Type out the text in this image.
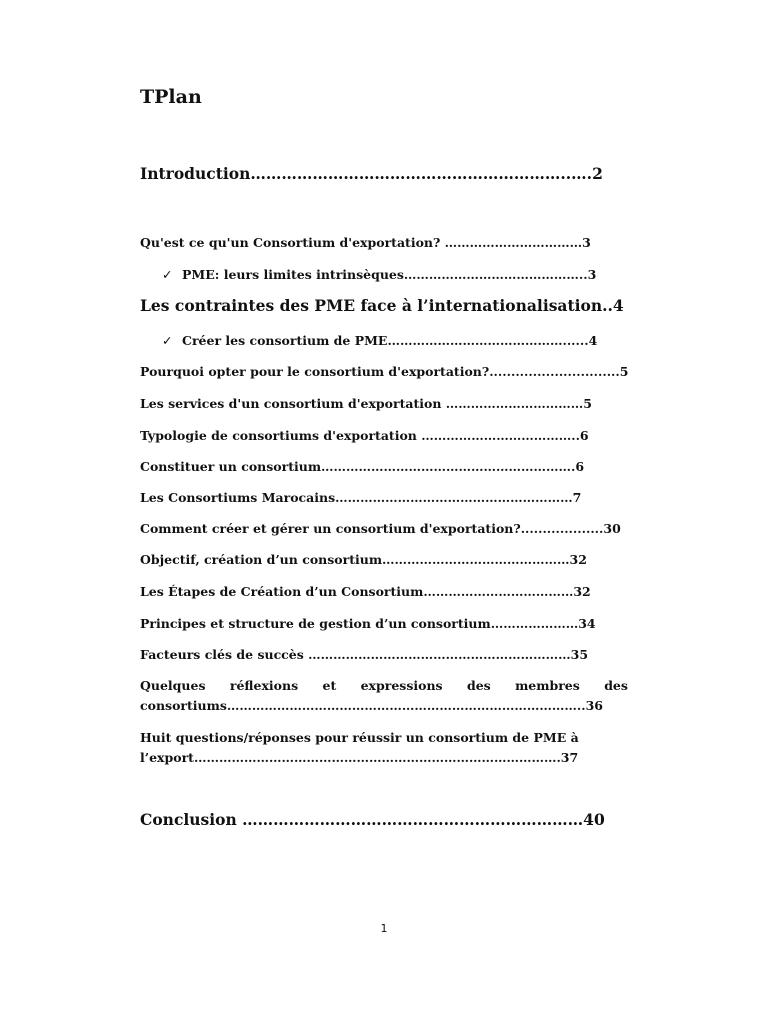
TPlan
Introduction……………………………………………………..….2
Qu'est ce qu'un Consortium d'exportation? ……………………………3
✓ PME: leurs limites intrinsèques……………………………………..3
Les contraintes des PME face à l’internationalisation..4
✓ Créer les consortium de PME……………………………………......4
Pourquoi opter pour le consortium d'exportation?..............................5
Les services d'un consortium d'exportation ……………………………5
Typologie de consortiums d'exportation ………………………………..6
Constituer un consortium…………………………………………………….6
Les Consortiums Marocains…………………………………………………7
Comment créer et gérer un consortium d'exportation?...................30
Objectif, création d’un consortium………………………………………32
Les Étapes de Création d’un Consortium………………………………32
Principes et structure de gestion d’un consortium…………………34
Facteurs clés de succès ………………………………………………………35
Quelques réflexions et expressions des membres des
consortiums…………………………………………………………………………..36
Huit questions/réponses pour réussir un consortium de PME à
l’export…………………………………………………………………………….37
Conclusion …………………………………………………………40
1
